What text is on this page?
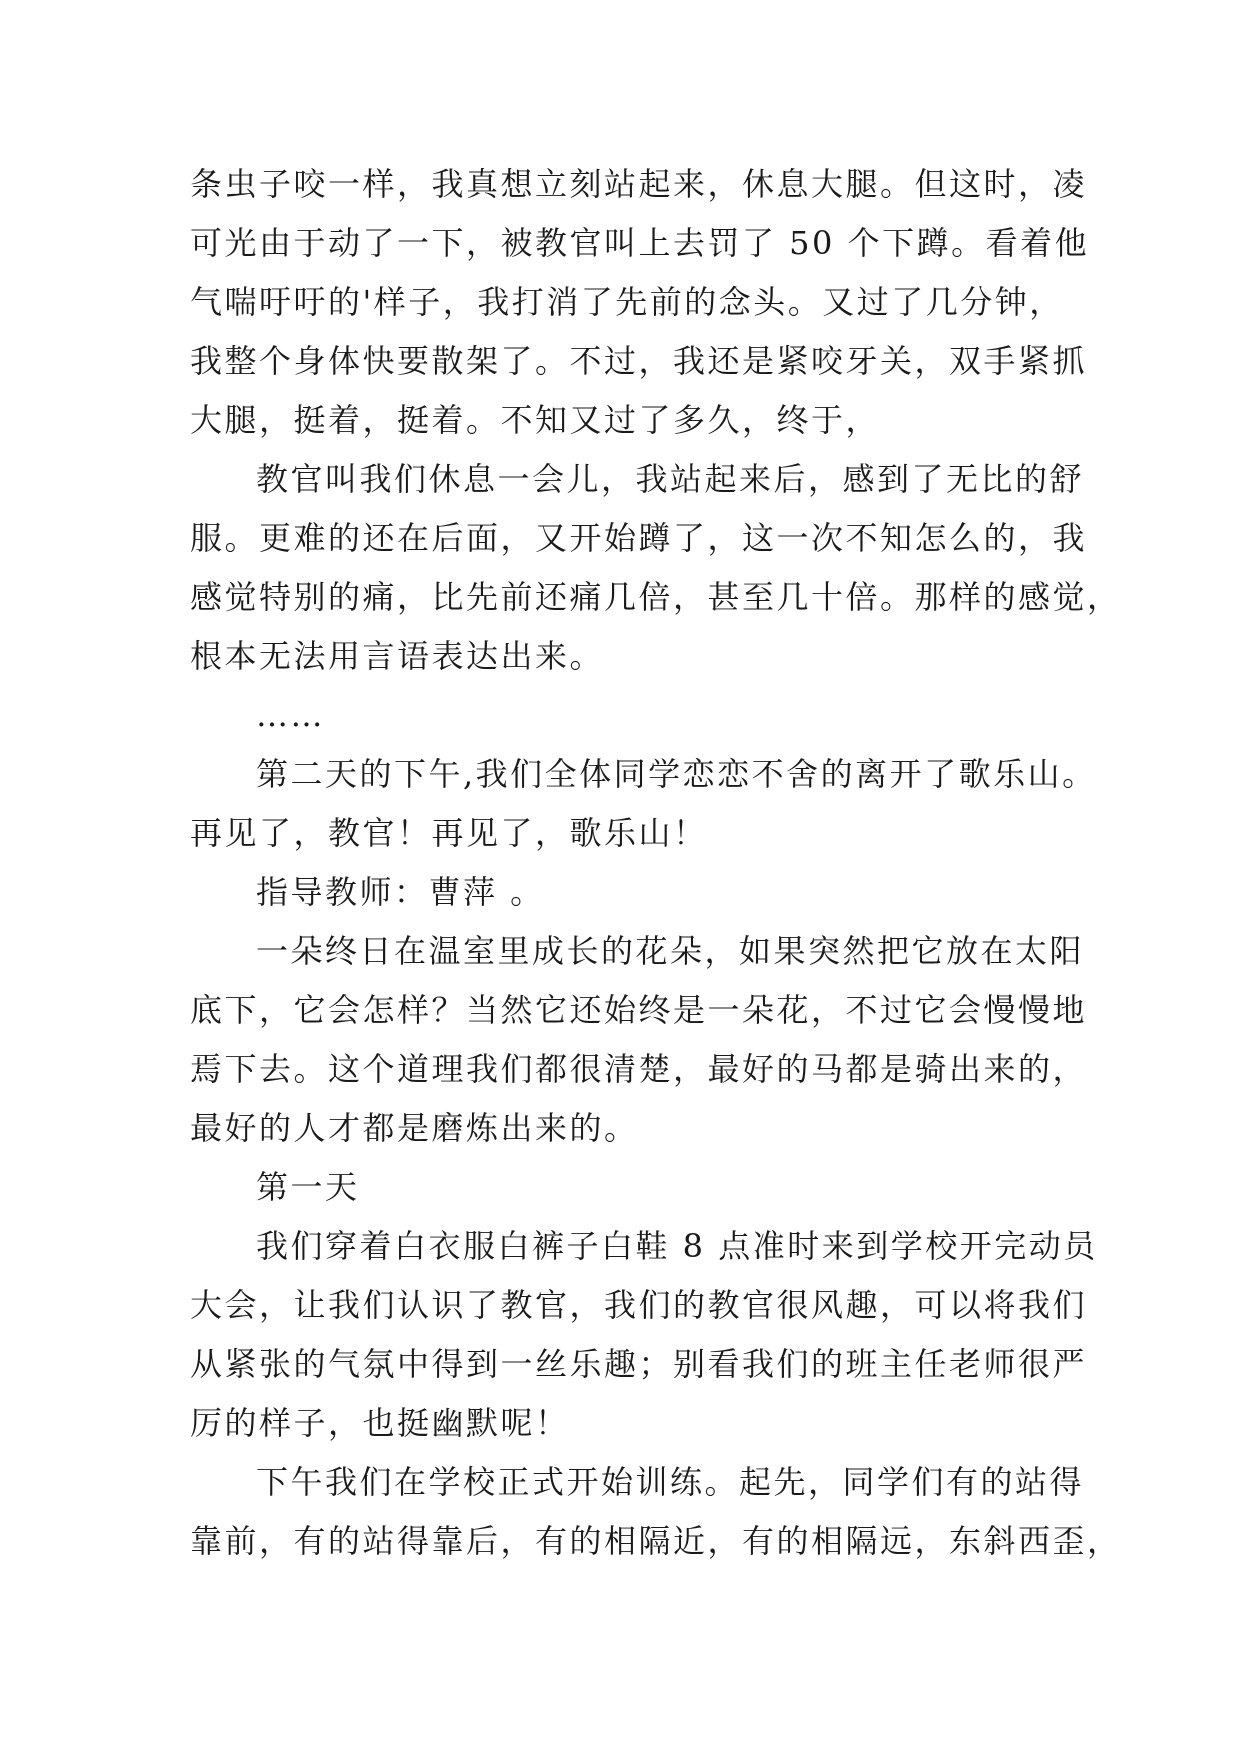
条虫子咬一样，我真想立刻站起来，休息大腿。但这时，凌
可光由于动了一下，被教官叫上去罚了 50 个下蹲。看着他
气喘吁吁的'样子，我打消了先前的念头。又过了几分钟，
我整个身体快要散架了。不过，我还是紧咬牙关，双手紧抓
大腿，挺着，挺着。不知又过了多久，终于，
教官叫我们休息一会儿，我站起来后，感到了无比的舒
服。更难的还在后面，又开始蹲了，这一次不知怎么的，我
感觉特别的痛，比先前还痛几倍，甚至几十倍。那样的感觉，
根本无法用言语表达出来。
……
第二天的下午,我们全体同学恋恋不舍的离开了歌乐山。
再见了，教官！再见了，歌乐山！
指导教师：曹萍 。
一朵终日在温室里成长的花朵，如果突然把它放在太阳
底下，它会怎样？当然它还始终是一朵花，不过它会慢慢地
焉下去。这个道理我们都很清楚，最好的马都是骑出来的，
最好的人才都是磨炼出来的。
第一天
我们穿着白衣服白裤子白鞋 8 点准时来到学校开完动员
大会，让我们认识了教官，我们的教官很风趣，可以将我们
从紧张的气氛中得到一丝乐趣；别看我们的班主任老师很严
厉的样子，也挺幽默呢！
下午我们在学校正式开始训练。起先，同学们有的站得
靠前，有的站得靠后，有的相隔近，有的相隔远，东斜西歪，
